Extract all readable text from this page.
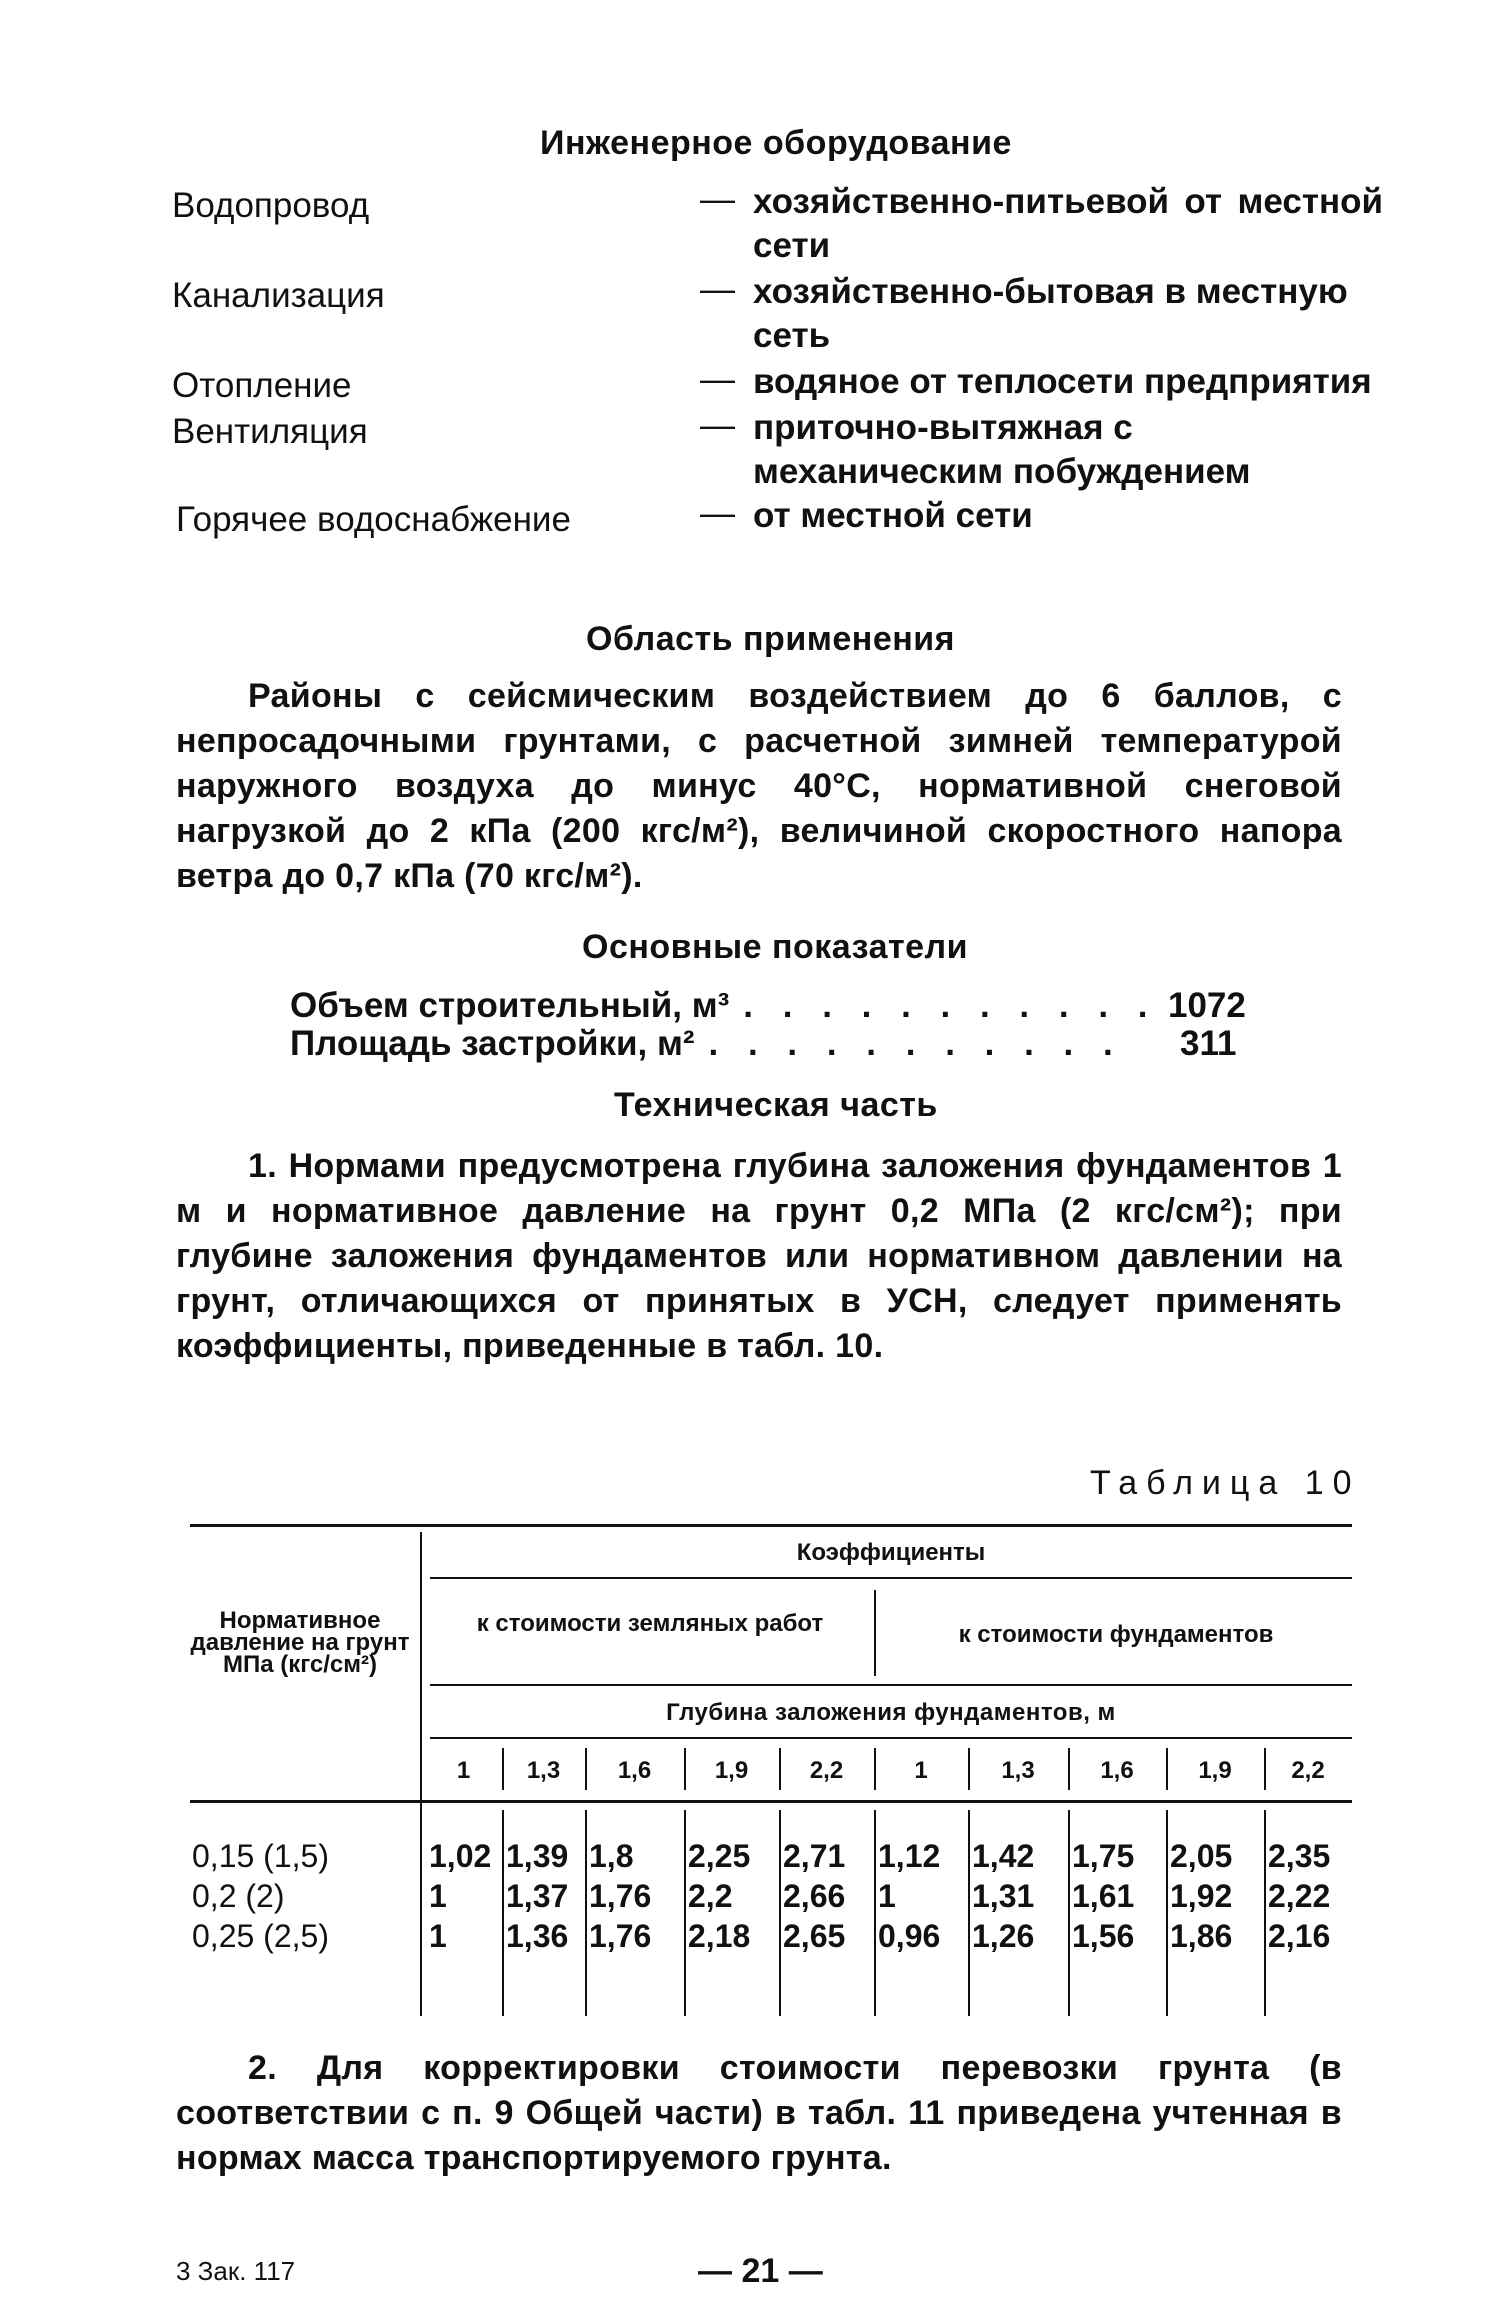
Инженерное оборудование
Водопровод	— хозяйственно-питьевой от местной сети
Канализация	— хозяйственно-бытовая в местную сеть
Отопление	— водяное от теплосети предприятия
Вентиляция	— приточно-вытяжная с механическим побуждением
Горячее водоснабжение	— от местной сети
Область применения

Районы с сейсмическим воздействием до 6 баллов, с непросадочными грунтами, с расчетной зимней температурой наружного воздуха до минус 40°С, нормативной снеговой нагрузкой до 2 кПа (200 кгс/м²), величиной скоростного напора ветра до 0,7 кПа (70 кгс/м²).

Основные показатели
Объем строительный, м³ . . . . . . . . . . . 1072
Площадь застройки, м² . . . . . . . . . . . 311
Техническая часть

1. Нормами предусмотрена глубина заложения фундаментов 1 м и нормативное давление на грунт 0,2 МПа (2 кгс/см²); при глубине заложения фундаментов или нормативном давлении на грунт, отличающихся от принятых в УСН, следует применять коэффициенты, приведенные в табл. 10.

Таблица 10
Нормативное давление на грунт МПа (кгс/см²)
Коэффициенты
к стоимости земляных работ	к стоимости фундаментов
Глубина заложения фундаментов, м
1	1,3	1,6	1,9	2,2	1	1,3	1,6	1,9	2,2
0,15 (1,5)	1,02 1,39 1,8 2,25 2,71 1,12 1,42 1,75 2,05 2,35
0,2 (2)	1 1,37 1,76 2,2 2,66 1 1,31 1,61 1,92 2,22
0,25 (2,5)	1 1,36 1,76 2,18 2,65 0,96 1,26 1,56 1,86 2,16

2. Для корректировки стоимости перевозки грунта (в соответствии с п. 9 Общей части) в табл. 11 приведена учтенная в нормах масса транспортируемого грунта.

3 Зак. 117	— 21 —
